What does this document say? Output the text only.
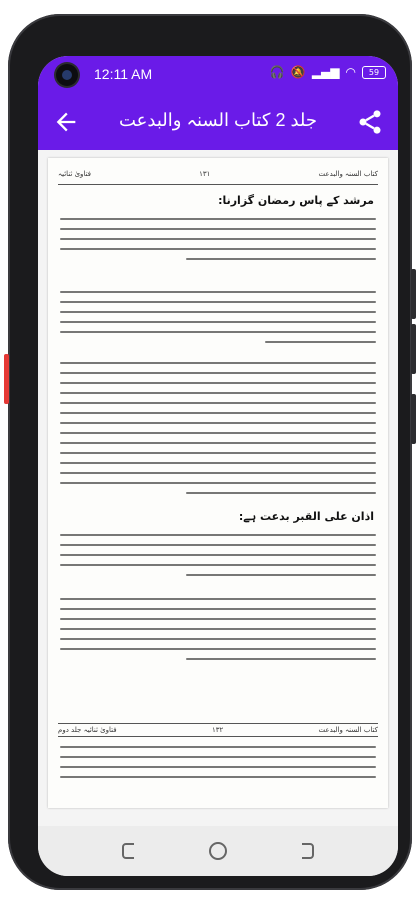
12:11 AM	🎧 🔕 ▂▄▆ ◠	59
جلد 2 کتاب السنہ والبدعت
فتاویٰ ثنائیہ	۱۳۱	کتاب السنہ والبدعت
مرشد کے پاس رمضان گزارنا:
اذان علی القبر بدعت ہے:
فتاویٰ ثنائیہ جلد دوم	۱۳۲	کتاب السنہ والبدعت
